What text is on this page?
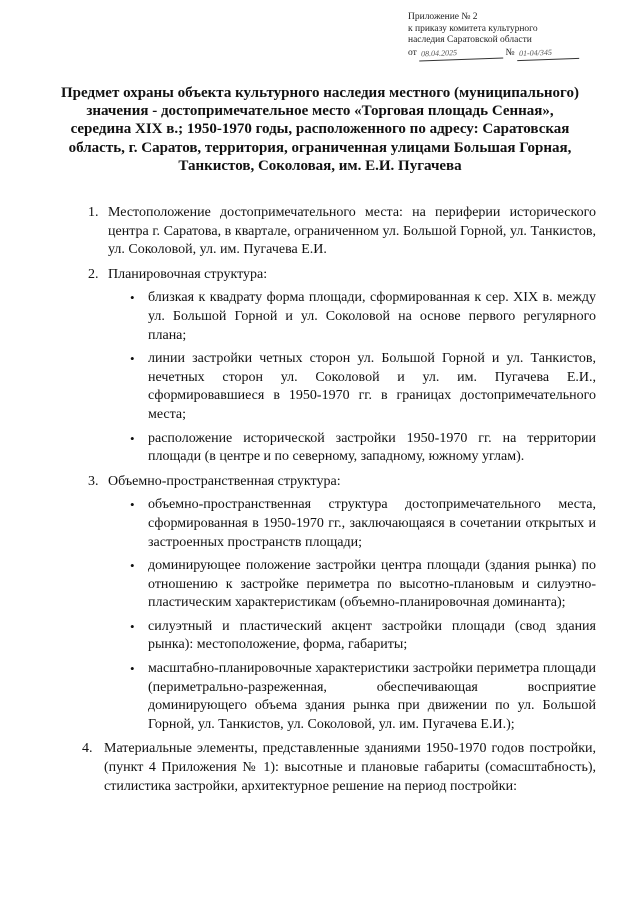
Приложение № 2
к приказу комитета культурного
наследия Саратовской области
от 08.04.2025	№ 01-04/345
Предмет охраны объекта культурного наследия местного (муниципального) значения - достопримечательное место «Торговая площадь Сенная», середина XIX в.; 1950-1970 годы, расположенного по адресу: Саратовская область, г. Саратов, территория, ограниченная улицами Большая Горная, Танкистов, Соколовая, им. Е.И. Пугачева
1. Местоположение достопримечательного места: на периферии исторического центра г. Саратова, в квартале, ограниченном ул. Большой Горной, ул. Танкистов, ул. Соколовой, ул. им. Пугачева Е.И.
2. Планировочная структура:
• близкая к квадрату форма площади, сформированная к сер. XIX в. между ул. Большой Горной и ул. Соколовой на основе первого регулярного плана;
• линии застройки четных сторон ул. Большой Горной и ул. Танкистов, нечетных сторон ул. Соколовой и ул. им. Пугачева Е.И., сформировавшиеся в 1950-1970 гг. в границах достопримечательного места;
• расположение исторической застройки 1950-1970 гг. на территории площади (в центре и по северному, западному, южному углам).
3. Объемно-пространственная структура:
• объемно-пространственная структура достопримечательного места, сформированная в 1950-1970 гг., заключающаяся в сочетании открытых и застроенных пространств площади;
• доминирующее положение застройки центра площади (здания рынка) по отношению к застройке периметра по высотно-плановым и силуэтно-пластическим характеристикам (объемно-планировочная доминанта);
• силуэтный и пластический акцент застройки площади (свод здания рынка): местоположение, форма, габариты;
• масштабно-планировочные характеристики застройки периметра площади (периметрально-разреженная, обеспечивающая восприятие доминирующего объема здания рынка при движении по ул. Большой Горной, ул. Танкистов, ул. Соколовой, ул. им. Пугачева Е.И.);
4. Материальные элементы, представленные зданиями 1950-1970 годов постройки, (пункт 4 Приложения № 1): высотные и плановые габариты (сомасштабность), стилистика застройки, архитектурное решение на период постройки:
